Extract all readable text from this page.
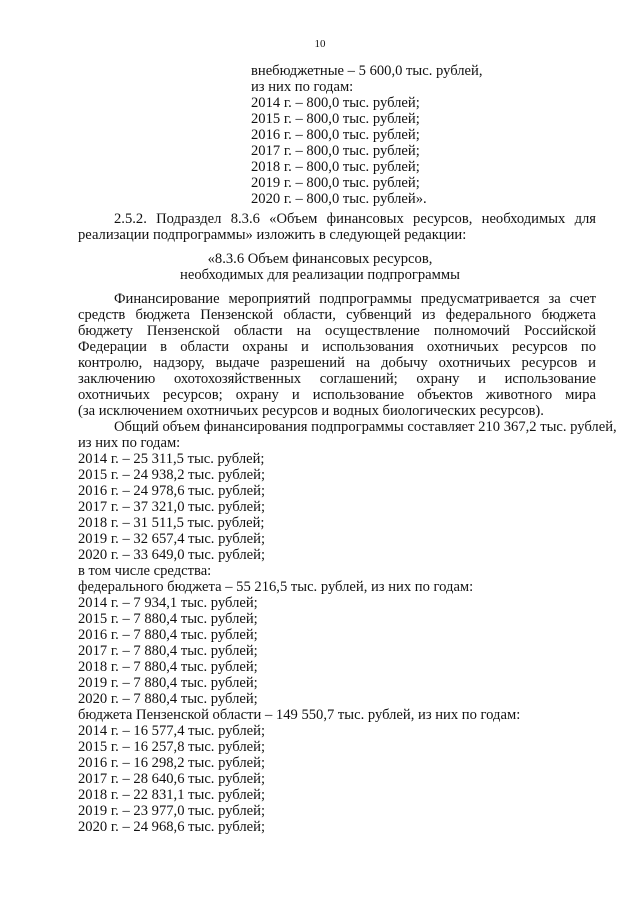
10
внебюджетные – 5 600,0 тыс. рублей,
из них по годам:
2014 г. – 800,0 тыс. рублей;
2015 г. – 800,0 тыс. рублей;
2016 г. – 800,0 тыс. рублей;
2017 г. – 800,0 тыс. рублей;
2018 г. – 800,0 тыс. рублей;
2019 г. – 800,0 тыс. рублей;
2020 г. – 800,0 тыс. рублей».
2.5.2. Подраздел 8.3.6 «Объем финансовых ресурсов, необходимых для
реализации подпрограммы» изложить в следующей редакции:
«8.3.6 Объем финансовых ресурсов,
необходимых для реализации подпрограммы
Финансирование мероприятий подпрограммы предусматривается за счет
средств бюджета Пензенской области, субвенций из федерального бюджета
бюджету Пензенской области на осуществление полномочий Российской
Федерации в области охраны и использования охотничьих ресурсов по
контролю, надзору, выдаче разрешений на добычу охотничьих ресурсов и
заключению охотохозяйственных соглашений; охрану и использование
охотничьих ресурсов; охрану и использование объектов животного мира
(за исключением охотничьих ресурсов и водных биологических ресурсов).
Общий объем финансирования подпрограммы составляет 210 367,2 тыс. рублей,
из них по годам:
2014 г. – 25 311,5 тыс. рублей;
2015 г. – 24 938,2 тыс. рублей;
2016 г. – 24 978,6 тыс. рублей;
2017 г. – 37 321,0 тыс. рублей;
2018 г. – 31 511,5 тыс. рублей;
2019 г. – 32 657,4 тыс. рублей;
2020 г. – 33 649,0 тыс. рублей;
в том числе средства:
федерального бюджета – 55 216,5 тыс. рублей, из них по годам:
2014 г. – 7 934,1 тыс. рублей;
2015 г. – 7 880,4 тыс. рублей;
2016 г. – 7 880,4 тыс. рублей;
2017 г. – 7 880,4 тыс. рублей;
2018 г. – 7 880,4 тыс. рублей;
2019 г. – 7 880,4 тыс. рублей;
2020 г. – 7 880,4 тыс. рублей;
бюджета Пензенской области – 149 550,7 тыс. рублей, из них по годам:
2014 г. – 16 577,4 тыс. рублей;
2015 г. – 16 257,8 тыс. рублей;
2016 г. – 16 298,2 тыс. рублей;
2017 г. – 28 640,6 тыс. рублей;
2018 г. – 22 831,1 тыс. рублей;
2019 г. – 23 977,0 тыс. рублей;
2020 г. – 24 968,6 тыс. рублей;
